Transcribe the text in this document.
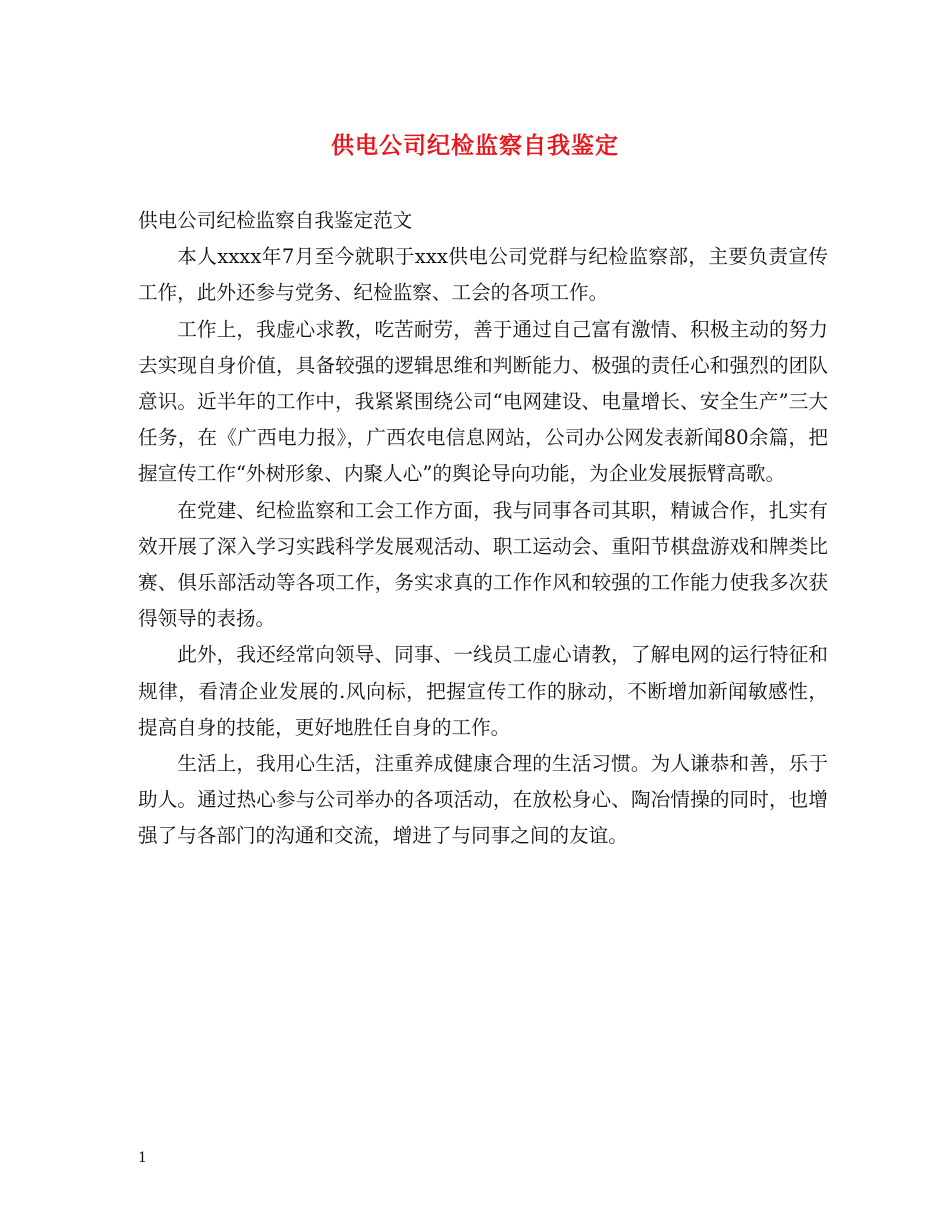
供电公司纪检监察自我鉴定

供电公司纪检监察自我鉴定范文

本人xxxx年7月至今就职于xxx供电公司党群与纪检监察部，主要负责宣传工作，此外还参与党务、纪检监察、工会的各项工作。

工作上，我虚心求教，吃苦耐劳，善于通过自己富有激情、积极主动的努力去实现自身价值，具备较强的逻辑思维和判断能力、极强的责任心和强烈的团队意识。近半年的工作中，我紧紧围绕公司“电网建设、电量增长、安全生产”三大任务，在《广西电力报》，广西农电信息网站，公司办公网发表新闻80余篇，把握宣传工作“外树形象、内聚人心”的舆论导向功能，为企业发展振臂高歌。

在党建、纪检监察和工会工作方面，我与同事各司其职，精诚合作，扎实有效开展了深入学习实践科学发展观活动、职工运动会、重阳节棋盘游戏和牌类比赛、俱乐部活动等各项工作，务实求真的工作作风和较强的工作能力使我多次获得领导的表扬。

此外，我还经常向领导、同事、一线员工虚心请教，了解电网的运行特征和规律，看清企业发展的.风向标，把握宣传工作的脉动，不断增加新闻敏感性，提高自身的技能，更好地胜任自身的工作。

生活上，我用心生活，注重养成健康合理的生活习惯。为人谦恭和善，乐于助人。通过热心参与公司举办的各项活动，在放松身心、陶冶情操的同时，也增强了与各部门的沟通和交流，增进了与同事之间的友谊。

1
